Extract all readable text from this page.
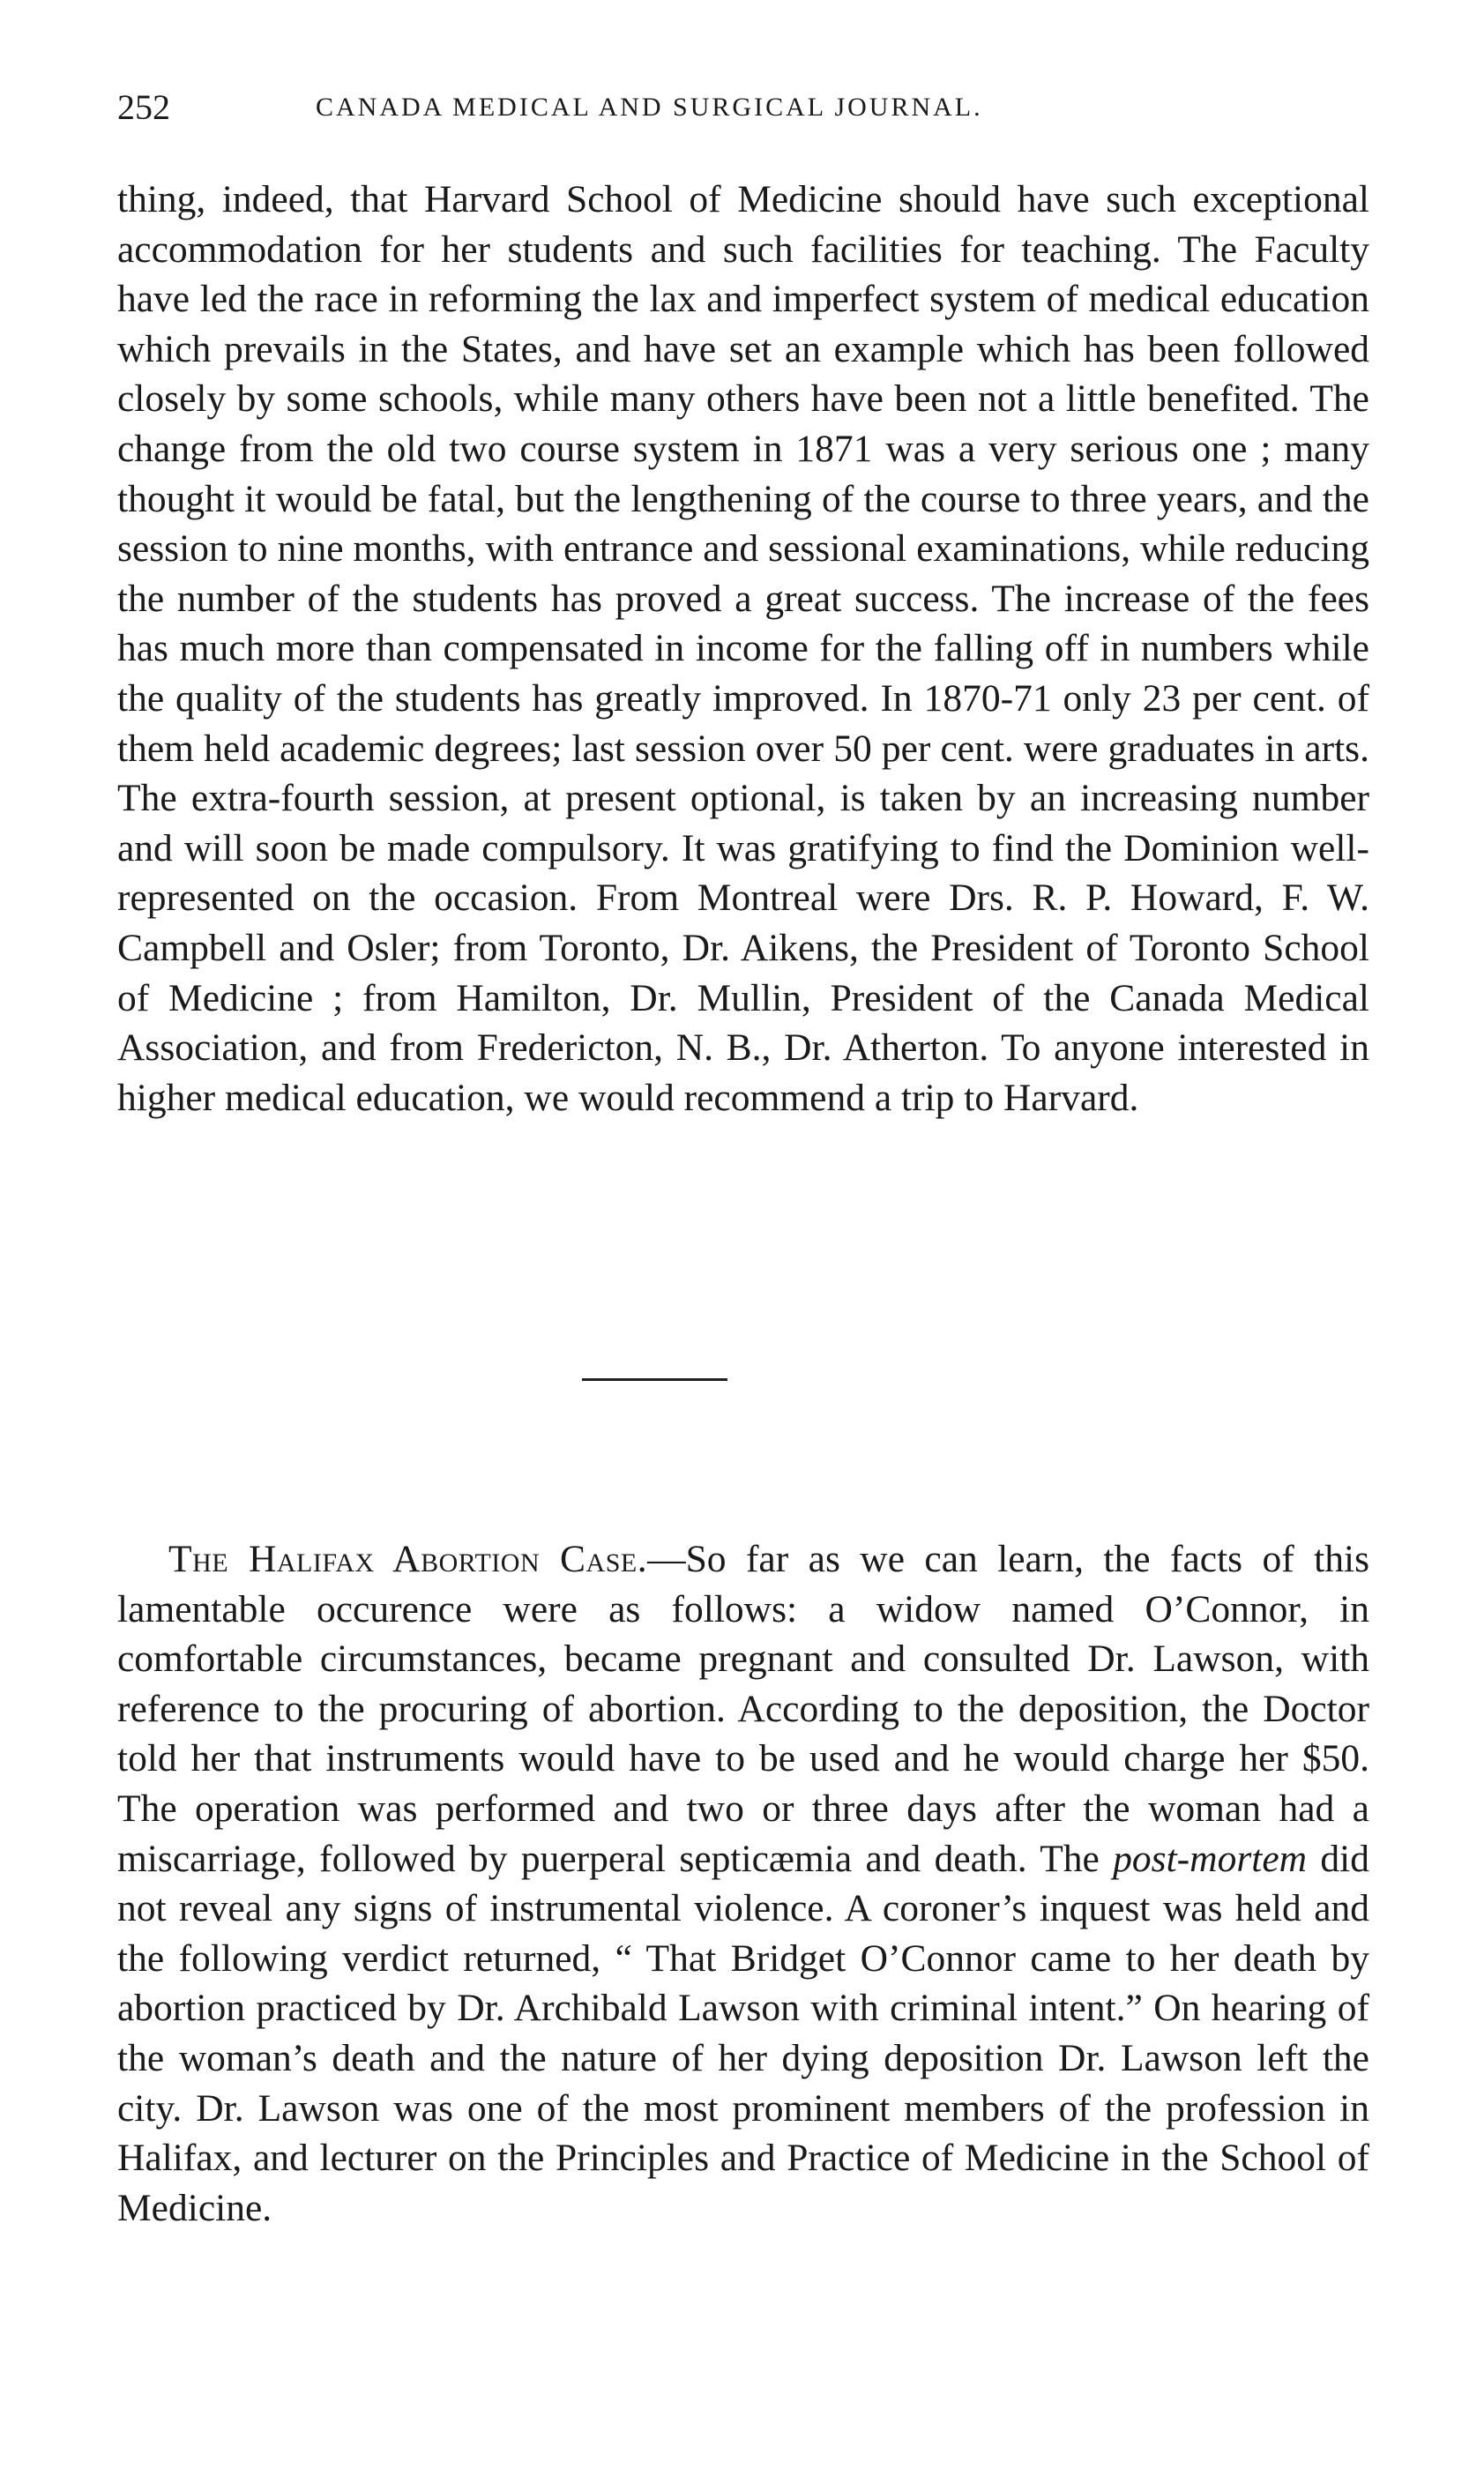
252	CANADA MEDICAL AND SURGICAL JOURNAL.

thing, indeed, that Harvard School of Medicine should have such exceptional accommodation for her students and such facilities for teaching. The Faculty have led the race in reforming the lax and imperfect system of medical education which prevails in the States, and have set an example which has been followed closely by some schools, while many others have been not a little benefited. The change from the old two course system in 1871 was a very serious one ; many thought it would be fatal, but the lengthening of the course to three years, and the session to nine months, with entrance and sessional examinations, while reducing the number of the students has proved a great success. The increase of the fees has much more than compensated in income for the falling off in numbers while the quality of the students has greatly improved. In 1870-71 only 23 per cent. of them held academic degrees; last session over 50 per cent. were graduates in arts. The extra-fourth session, at present optional, is taken by an increasing number and will soon be made compulsory. It was gratifying to find the Dominion well-represented on the occasion. From Montreal were Drs. R. P. Howard, F. W. Campbell and Osler; from Toronto, Dr. Aikens, the President of Toronto School of Medicine ; from Hamilton, Dr. Mullin, President of the Canada Medical Association, and from Fredericton, N. B., Dr. Atherton. To anyone interested in higher medical education, we would recommend a trip to Harvard.

The Halifax Abortion Case.—So far as we can learn, the facts of this lamentable occurence were as follows: a widow named O’Connor, in comfortable circumstances, became pregnant and consulted Dr. Lawson, with reference to the procuring of abortion. According to the deposition, the Doctor told her that instruments would have to be used and he would charge her $50. The operation was performed and two or three days after the woman had a miscarriage, followed by puerperal septicæmia and death. The post-mortem did not reveal any signs of instrumental violence. A coroner’s inquest was held and the following verdict returned, “ That Bridget O’Connor came to her death by abortion practiced by Dr. Archibald Lawson with criminal intent.” On hearing of the woman’s death and the nature of her dying deposition Dr. Lawson left the city. Dr. Lawson was one of the most prominent members of the profession in Halifax, and lecturer on the Principles and Practice of Medicine in the School of Medicine.
